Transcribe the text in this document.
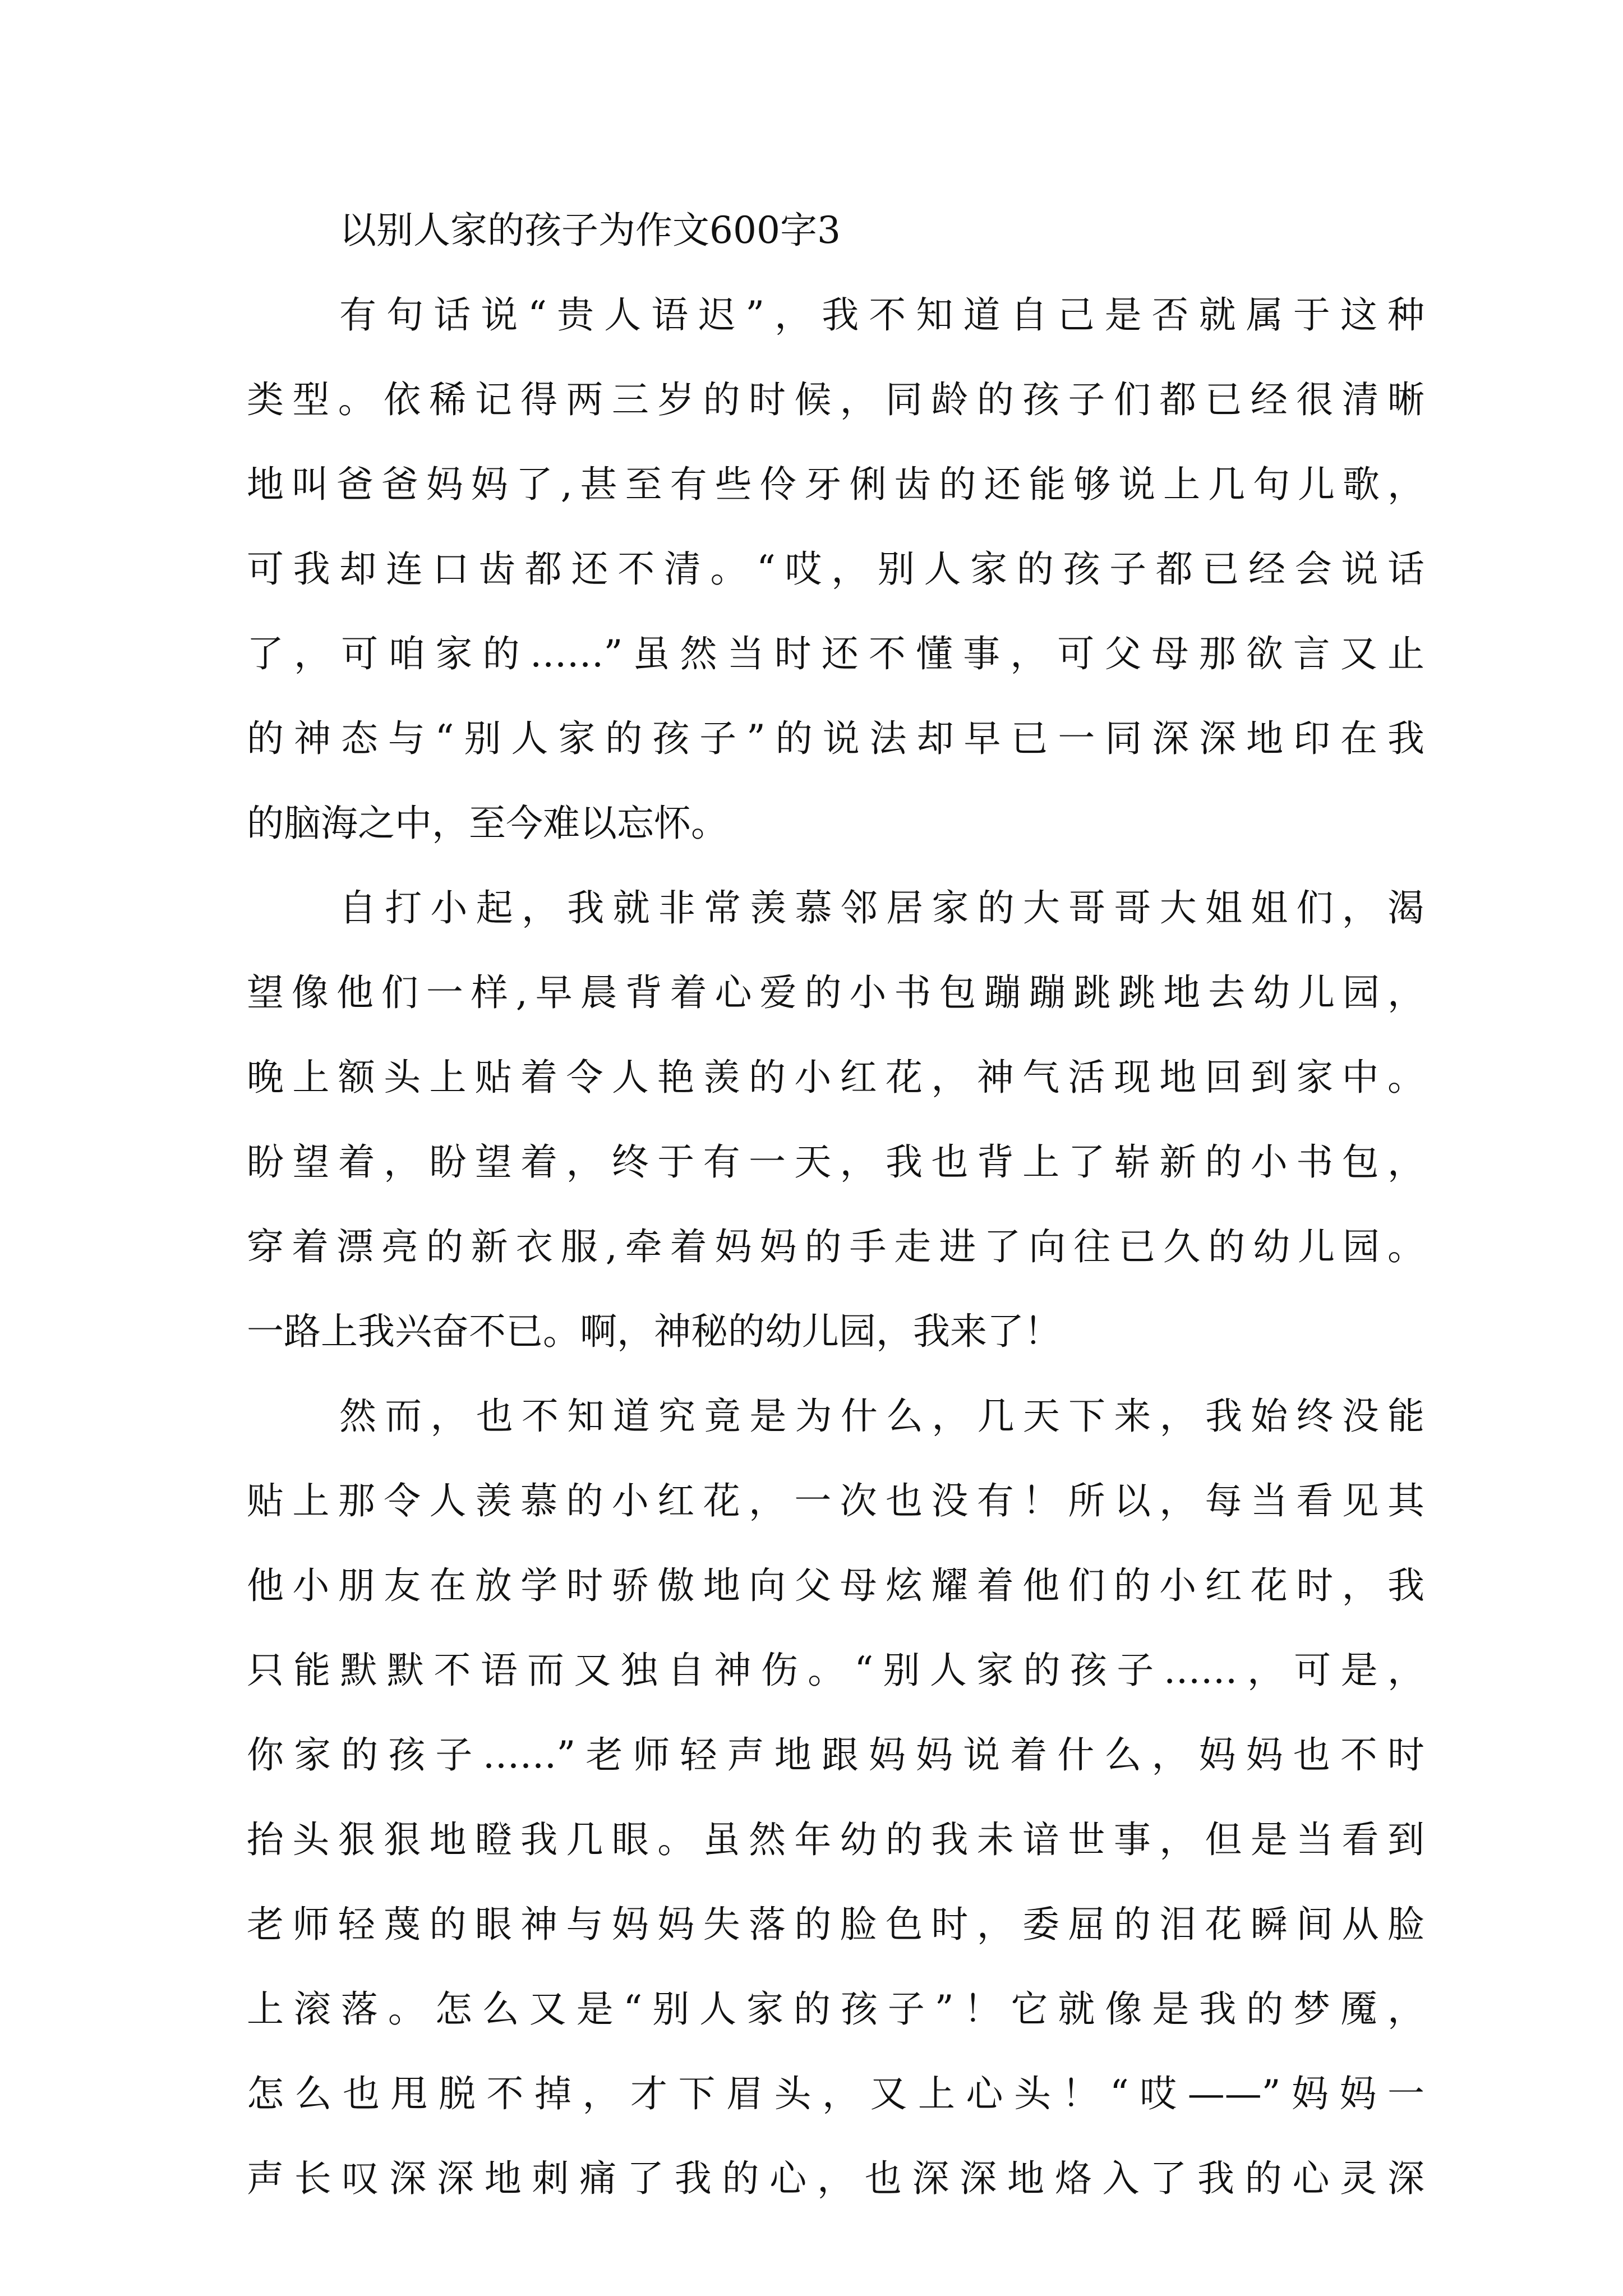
以别人家的孩子为作文600字3
有句话说“贵人语迟”，我不知道自己是否就属于这种
类型。依稀记得两三岁的时候，同龄的孩子们都已经很清晰
地叫爸爸妈妈了,甚至有些伶牙俐齿的还能够说上几句儿歌，
可我却连口齿都还不清。“哎，别人家的孩子都已经会说话
了，可咱家的……”虽然当时还不懂事，可父母那欲言又止
的神态与“别人家的孩子”的说法却早已一同深深地印在我
的脑海之中，至今难以忘怀。
自打小起，我就非常羡慕邻居家的大哥哥大姐姐们，渴
望像他们一样,早晨背着心爱的小书包蹦蹦跳跳地去幼儿园，
晚上额头上贴着令人艳羡的小红花，神气活现地回到家中。
盼望着，盼望着，终于有一天，我也背上了崭新的小书包，
穿着漂亮的新衣服,牵着妈妈的手走进了向往已久的幼儿园。
一路上我兴奋不已。啊，神秘的幼儿园，我来了！
然而，也不知道究竟是为什么，几天下来，我始终没能
贴上那令人羡慕的小红花，一次也没有！所以，每当看见其
他小朋友在放学时骄傲地向父母炫耀着他们的小红花时，我
只能默默不语而又独自神伤。“别人家的孩子……，可是，
你家的孩子……”老师轻声地跟妈妈说着什么，妈妈也不时
抬头狠狠地瞪我几眼。虽然年幼的我未谙世事，但是当看到
老师轻蔑的眼神与妈妈失落的脸色时，委屈的泪花瞬间从脸
上滚落。怎么又是“别人家的孩子”！它就像是我的梦魇，
怎么也甩脱不掉，才下眉头，又上心头！“哎——”妈妈一
声长叹深深地刺痛了我的心，也深深地烙入了我的心灵深
